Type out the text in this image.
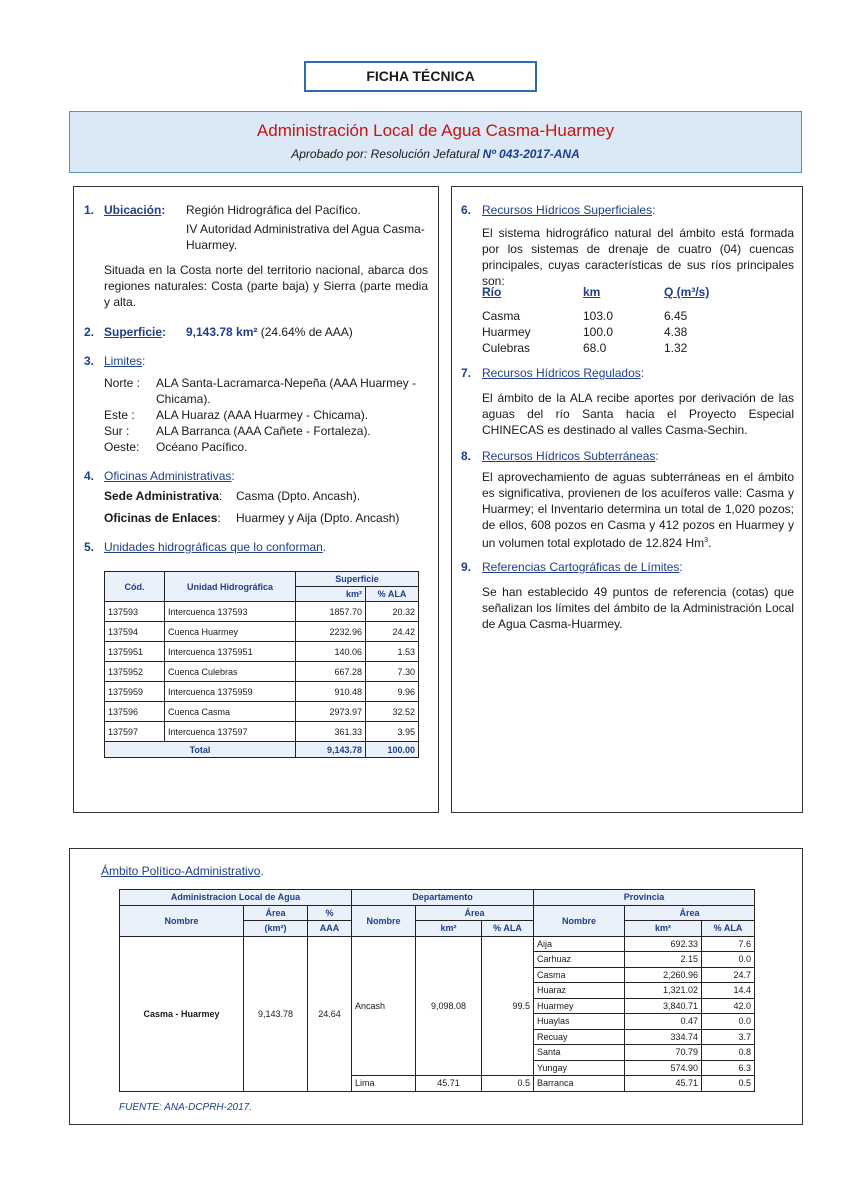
FICHA TÉCNICA
Administración Local de Agua Casma-Huarmey
Aprobado por: Resolución Jefatural Nº 043-2017-ANA
1. Ubicación: Región Hidrográfica del Pacífico.
IV Autoridad Administrativa del Agua Casma-
Huarmey.
Situada en la Costa norte del territorio nacional, abarca dos regiones naturales: Costa (parte baja) y Sierra (parte media y alta.
2. Superficie: 9,143.78 km² (24.64% de AAA)
3. Limites:
Norte : ALA Santa-Lacramarca-Nepeña (AAA Huarmey -
Chicama).
Este : ALA Huaraz (AAA Huarmey - Chicama).
Sur : ALA Barranca (AAA Cañete - Fortaleza).
Oeste: Océano Pacífico.
4. Oficinas Administrativas:
Sede Administrativa: Casma (Dpto. Ancash).
Oficinas de Enlaces: Huarmey y Aija (Dpto. Ancash)
5. Unidades hidrográficas que lo conforman.
Cód.	Unidad Hidrográfica	Superficie	
		km²	% ALA
137593	Intercuenca 137593	1857.70	20.32
137594	Cuenca Huarmey	2232.96	24.42
1375951	Intercuenca 1375951	140.06	1.53
1375952	Cuenca Culebras	667.28	7.30
1375959	Intercuenca 1375959	910.48	9.96
137596	Cuenca Casma	2973.97	32.52
137597	Intercuenca 137597	361.33	3.95
Total		9,143.78	100.00
6. Recursos Hídricos Superficiales:
El sistema hidrográfico natural del ámbito está formada por los sistemas de drenaje de cuatro (04) cuencas principales, cuyas características de sus ríos principales son:
Río	km	Q (m³/s)
Casma	103.0	6.45
Huarmey	100.0	4.38
Culebras	68.0	1.32
7. Recursos Hídricos Regulados:
El ámbito de la ALA recibe aportes por derivación de las aguas del río Santa hacia el Proyecto Especial CHINECAS es destinado al valles Casma-Sechin.
8. Recursos Hídricos Subterráneas:
El aprovechamiento de aguas subterráneas en el ámbito es significativa, provienen de los acuíferos valle: Casma y Huarmey; el Inventario determina un total de 1,020 pozos; de ellos, 608 pozos en Casma y 412 pozos en Huarmey y un volumen total explotado de 12.824 Hm$^3$.
9. Referencias Cartográficas de Límites:
Se han establecido 49 puntos de referencia (cotas) que señalizan los límites del ámbito de la Administración Local de Agua Casma-Huarmey.
Ámbito Político-Administrativo.
Administracion Local de Agua			Departamento			Provincia		
Nombre	Área	%	Nombre	Área		Nombre	Área	
	(km²)	AAA		km²	% ALA		km²	% ALA
Casma - Huarmey	9,143.78	24.64	Ancash	9,098.08	99.5	Aija	692.33	7.6
						Carhuaz	2.15	0.0
						Casma	2,260.96	24.7
						Huaraz	1,321.02	14.4
						Huarmey	3,840.71	42.0
						Huaylas	0.47	0.0
						Recuay	334.74	3.7
						Santa	70.79	0.8
						Yungay	574.90	6.3
			Lima	45.71	0.5	Barranca	45.71	0.5
FUENTE: ANA-DCPRH-2017.
